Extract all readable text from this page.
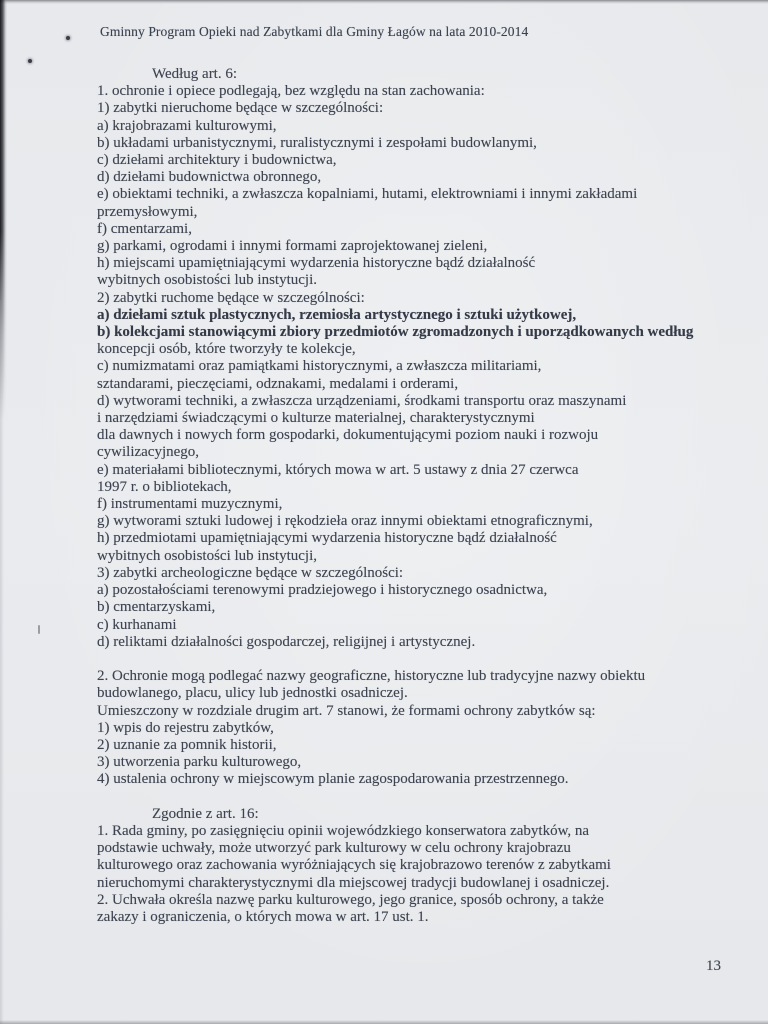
Gminny Program Opieki nad Zabytkami dla Gminy Łagów na lata 2010-2014
Według art. 6:
1. ochronie i opiece podlegają, bez względu na stan zachowania:
1) zabytki nieruchome będące w szczególności:
a) krajobrazami kulturowymi,
b) układami urbanistycznymi, ruralistycznymi i zespołami budowlanymi,
c) dziełami architektury i budownictwa,
d) dziełami budownictwa obronnego,
e) obiektami techniki, a zwłaszcza kopalniami, hutami, elektrowniami i innymi zakładami
przemysłowymi,
f) cmentarzami,
g) parkami, ogrodami i innymi formami zaprojektowanej zieleni,
h) miejscami upamiętniającymi wydarzenia historyczne bądź działalność
wybitnych osobistości lub instytucji.
2) zabytki ruchome będące w szczególności:
a) dziełami sztuk plastycznych, rzemiosła artystycznego i sztuki użytkowej,
b) kolekcjami stanowiącymi zbiory przedmiotów zgromadzonych i uporządkowanych według
koncepcji osób, które tworzyły te kolekcje,
c) numizmatami oraz pamiątkami historycznymi, a zwłaszcza militariami,
sztandarami, pieczęciami, odznakami, medalami i orderami,
d) wytworami techniki, a zwłaszcza urządzeniami, środkami transportu oraz maszynami
i narzędziami świadczącymi o kulturze materialnej, charakterystycznymi
dla dawnych i nowych form gospodarki, dokumentującymi poziom nauki i rozwoju
cywilizacyjnego,
e) materiałami bibliotecznymi, których mowa w art. 5 ustawy z dnia 27 czerwca
1997 r. o bibliotekach,
f) instrumentami muzycznymi,
g) wytworami sztuki ludowej i rękodzieła oraz innymi obiektami etnograficznymi,
h) przedmiotami upamiętniającymi wydarzenia historyczne bądź działalność
wybitnych osobistości lub instytucji,
3) zabytki archeologiczne będące w szczególności:
a) pozostałościami terenowymi pradziejowego i historycznego osadnictwa,
b) cmentarzyskami,
c) kurhanami
d) reliktami działalności gospodarczej, religijnej i artystycznej.
2. Ochronie mogą podlegać nazwy geograficzne, historyczne lub tradycyjne nazwy obiektu
budowlanego, placu, ulicy lub jednostki osadniczej.
Umieszczony w rozdziale drugim art. 7 stanowi, że formami ochrony zabytków są:
1) wpis do rejestru zabytków,
2) uznanie za pomnik historii,
3) utworzenia parku kulturowego,
4) ustalenia ochrony w miejscowym planie zagospodarowania przestrzennego.
Zgodnie z art. 16:
1. Rada gminy, po zasięgnięciu opinii wojewódzkiego konserwatora zabytków, na
podstawie uchwały, może utworzyć park kulturowy w celu ochrony krajobrazu
kulturowego oraz zachowania wyróżniających się krajobrazowo terenów z zabytkami
nieruchomymi charakterystycznymi dla miejscowej tradycji budowlanej i osadniczej.
2. Uchwała określa nazwę parku kulturowego, jego granice, sposób ochrony, a także
zakazy i ograniczenia, o których mowa w art. 17 ust. 1.
13
